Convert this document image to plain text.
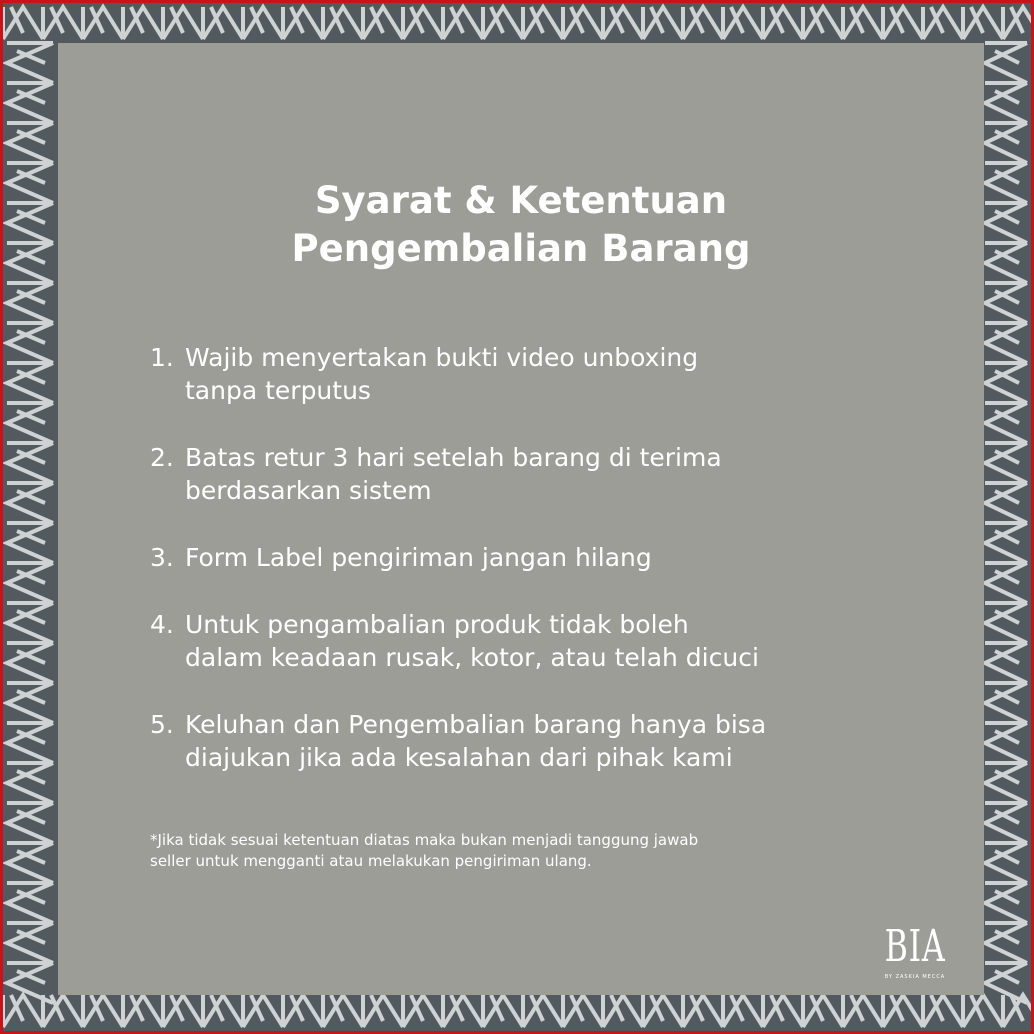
Syarat & Ketentuan
Pengembalian Barang
1. Wajib menyertakan bukti video unboxing
tanpa terputus
2. Batas retur 3 hari setelah barang di terima
berdasarkan sistem
3. Form Label pengiriman jangan hilang
4. Untuk pengambalian produk tidak boleh
dalam keadaan rusak, kotor, atau telah dicuci
5. Keluhan dan Pengembalian barang hanya bisa
diajukan jika ada kesalahan dari pihak kami

*Jika tidak sesuai ketentuan diatas maka bukan menjadi tanggung jawab
seller untuk mengganti atau melakukan pengiriman ulang.

BIA
BY ZASKIA MECCA
